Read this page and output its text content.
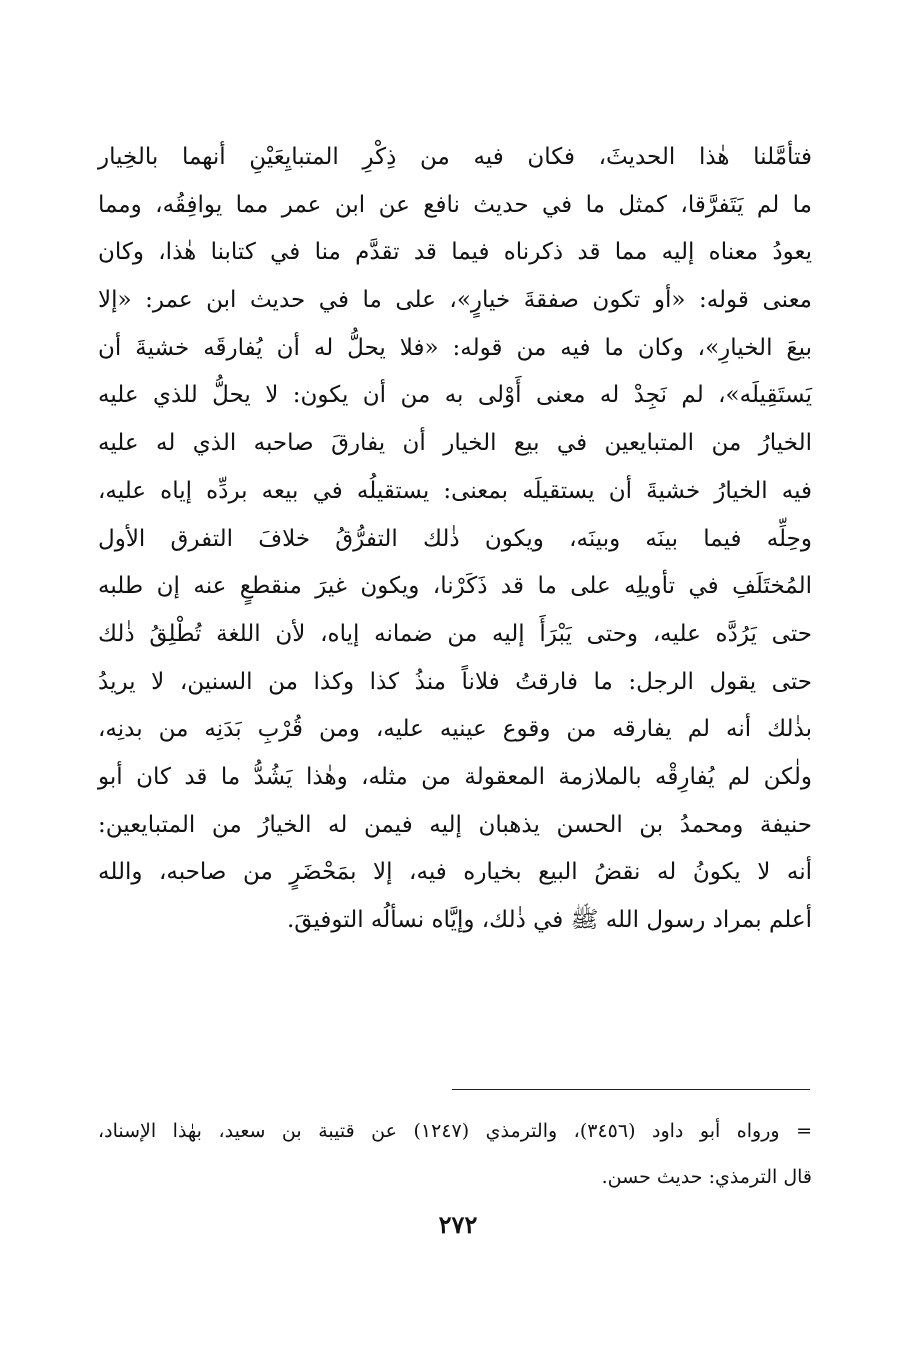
فتأمَّلنا هٰذا الحديثَ، فكان فيه من ذِكْرِ المتبايِعَيْنِ أنهما بالخِيار
ما لم يَتَفرَّقا، كمثل ما في حديث نافع عن ابن عمر مما يوافِقُه، ومما
يعودُ معناه إليه مما قد ذكرناه فيما قد تقدَّم منا في كتابنا هٰذا، وكان
معنى قوله: «أو تكون صفقةَ خيارٍ»، على ما في حديث ابن عمر: «إلا
بيعَ الخيارِ»، وكان ما فيه من قوله: «فلا يحلُّ له أن يُفارقَه خشيةَ أن
يَستَقِيلَه»، لم نَجِدْ له معنى أَوْلى به من أن يكون: لا يحلُّ للذي عليه
الخيارُ من المتبايعين في بيع الخيار أن يفارقَ صاحبه الذي له عليه
فيه الخيارُ خشيةَ أن يستقيلَه بمعنى: يستقيلُه في بيعه بردِّه إياه عليه،
وحِلِّه فيما بينَه وبينَه، ويكون ذٰلك التفرُّقُ خلافَ التفرق الأول
المُختَلَفِ في تأويلِه على ما قد ذَكَرْنا، ويكون غيرَ منقطعٍ عنه إن طلبه
حتى يَرُدَّه عليه، وحتى يَبْرَأَ إليه من ضمانه إياه، لأن اللغة تُطْلِقُ ذٰلك
حتى يقول الرجل: ما فارقتُ فلاناً منذُ كذا وكذا من السنين، لا يريدُ
بذٰلك أنه لم يفارقه من وقوع عينيه عليه، ومن قُرْبِ بَدَنِه من بدنِه،
ولٰكن لم يُفارِقْه بالملازمة المعقولة من مثله، وهٰذا يَشُدُّ ما قد كان أبو
حنيفة ومحمدُ بن الحسن يذهبان إليه فيمن له الخيارُ من المتبايعين:
أنه لا يكونُ له نقضُ البيع بخياره فيه، إلا بمَحْضَرٍ من صاحبه، والله
أعلم بمراد رسول الله ﷺ في ذٰلك، وإيَّاه نسألُه التوفيقَ.
= ورواه أبو داود (٣٤٥٦)، والترمذي (١٢٤٧) عن قتيبة بن سعيد، بهٰذا الإسناد،
قال الترمذي: حديث حسن.
٢٧٢
